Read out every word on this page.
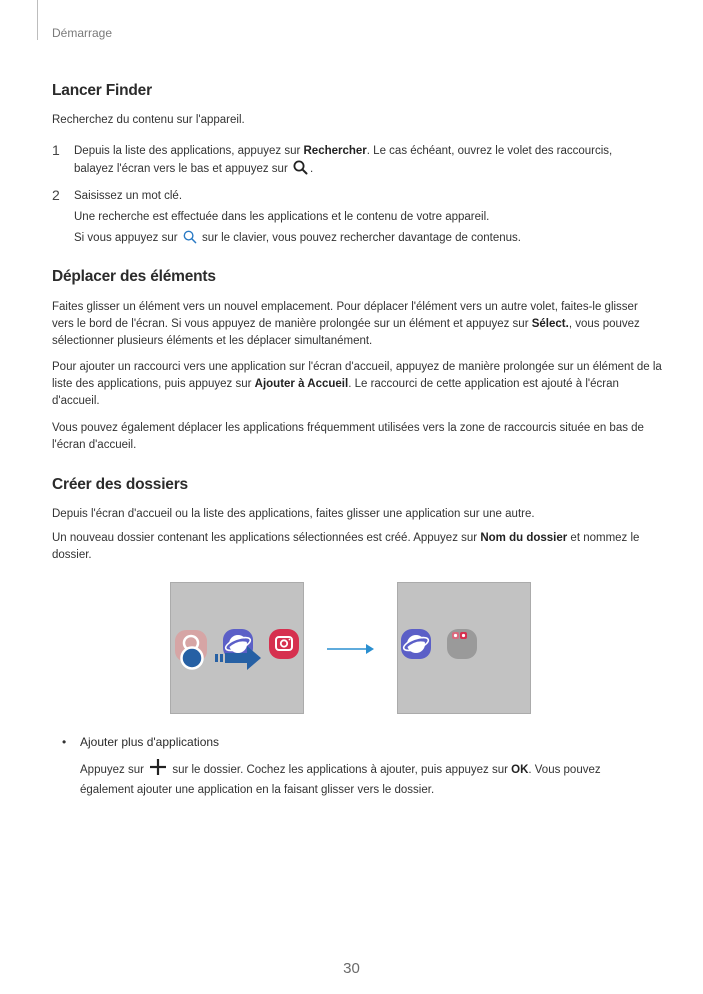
Démarrage
Lancer Finder
Recherchez du contenu sur l'appareil.
1 Depuis la liste des applications, appuyez sur Rechercher. Le cas échéant, ouvrez le volet des raccourcis,
balayez l'écran vers le bas et appuyez sur .
2 Saisissez un mot clé.
Une recherche est effectuée dans les applications et le contenu de votre appareil.
Si vous appuyez sur  sur le clavier, vous pouvez rechercher davantage de contenus.
Déplacer des éléments
Faites glisser un élément vers un nouvel emplacement. Pour déplacer l'élément vers un autre volet, faites-le glisser vers le bord de l'écran. Si vous appuyez de manière prolongée sur un élément et appuyez sur Sélect., vous pouvez sélectionner plusieurs éléments et les déplacer simultanément.
Pour ajouter un raccourci vers une application sur l'écran d'accueil, appuyez de manière prolongée sur un élément de la liste des applications, puis appuyez sur Ajouter à Accueil. Le raccourci de cette application est ajouté à l'écran d'accueil.
Vous pouvez également déplacer les applications fréquemment utilisées vers la zone de raccourcis située en bas de l'écran d'accueil.
Créer des dossiers
Depuis l'écran d'accueil ou la liste des applications, faites glisser une application sur une autre.
Un nouveau dossier contenant les applications sélectionnées est créé. Appuyez sur Nom du dossier et nommez le dossier.
• Ajouter plus d'applications
Appuyez sur  sur le dossier. Cochez les applications à ajouter, puis appuyez sur OK. Vous pouvez également ajouter une application en la faisant glisser vers le dossier.
30
